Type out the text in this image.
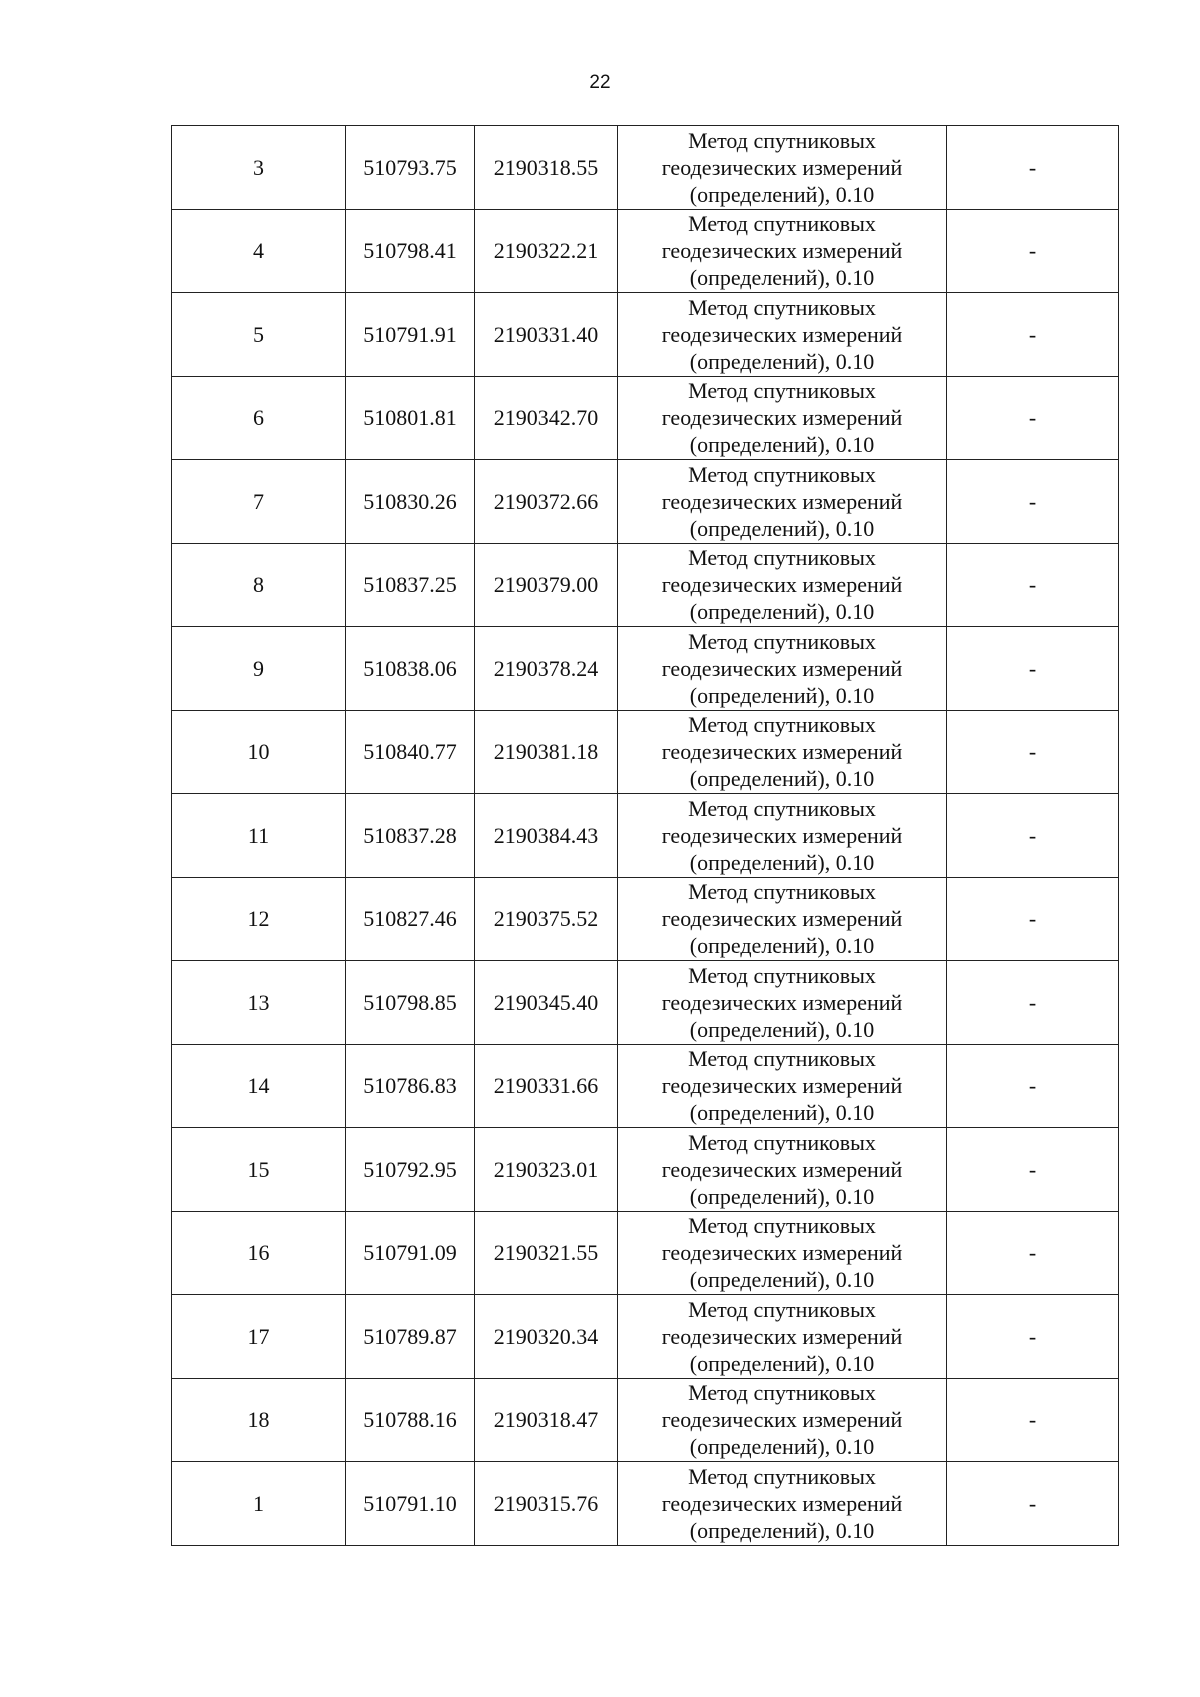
22
3	510793.75	2190318.55	Метод спутниковых
геодезических измерений
(определений), 0.10	-
4	510798.41	2190322.21	Метод спутниковых
геодезических измерений
(определений), 0.10	-
5	510791.91	2190331.40	Метод спутниковых
геодезических измерений
(определений), 0.10	-
6	510801.81	2190342.70	Метод спутниковых
геодезических измерений
(определений), 0.10	-
7	510830.26	2190372.66	Метод спутниковых
геодезических измерений
(определений), 0.10	-
8	510837.25	2190379.00	Метод спутниковых
геодезических измерений
(определений), 0.10	-
9	510838.06	2190378.24	Метод спутниковых
геодезических измерений
(определений), 0.10	-
10	510840.77	2190381.18	Метод спутниковых
геодезических измерений
(определений), 0.10	-
11	510837.28	2190384.43	Метод спутниковых
геодезических измерений
(определений), 0.10	-
12	510827.46	2190375.52	Метод спутниковых
геодезических измерений
(определений), 0.10	-
13	510798.85	2190345.40	Метод спутниковых
геодезических измерений
(определений), 0.10	-
14	510786.83	2190331.66	Метод спутниковых
геодезических измерений
(определений), 0.10	-
15	510792.95	2190323.01	Метод спутниковых
геодезических измерений
(определений), 0.10	-
16	510791.09	2190321.55	Метод спутниковых
геодезических измерений
(определений), 0.10	-
17	510789.87	2190320.34	Метод спутниковых
геодезических измерений
(определений), 0.10	-
18	510788.16	2190318.47	Метод спутниковых
геодезических измерений
(определений), 0.10	-
1	510791.10	2190315.76	Метод спутниковых
геодезических измерений
(определений), 0.10	-
